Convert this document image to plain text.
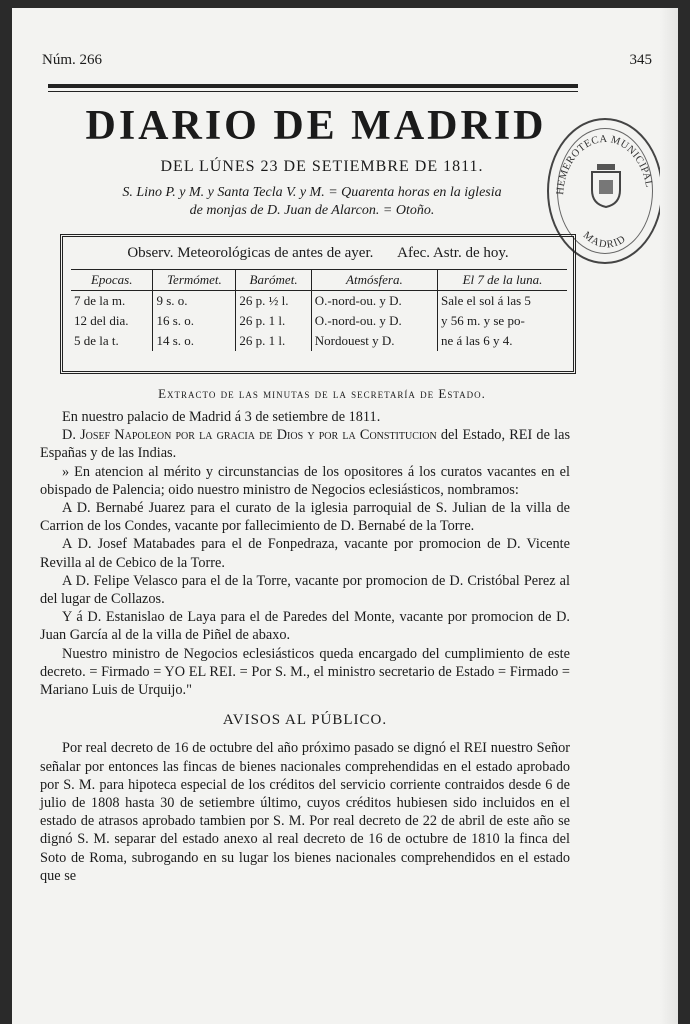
Núm. 266	345
DIARIO DE MADRID
DEL LÚNES 23 DE SETIEMBRE DE 1811.
S. Lino P. y M. y Santa Tecla V. y M. = Quarenta horas en la iglesia
de monjas de D. Juan de Alarcon. = Otoño.
HEMEROTECA MUNICIPAL
MADRID
Observ. Meteorológicas de antes de ayer. Afec. Astr. de hoy.
Epocas.	Termómet.	Barómet.	Atmósfera.	El 7 de la luna.
7 de la m.	9 s. o.	26 p. ½ l.	O.-nord-ou. y D.	Sale el sol á las 5
12 del dia.	16 s. o.	26 p. 1 l.	O.-nord-ou. y D.	y 56 m. y se po-
5 de la t.	14 s. o.	26 p. 1 l.	Nordouest y D.	ne á las 6 y 4.
Extracto de las minutas de la secretaría de Estado.

En nuestro palacio de Madrid á 3 de setiembre de 1811.

D. Josef Napoleon por la gracia de Dios y por la Constitucion del Estado, REI de las Españas y de las Indias.

» En atencion al mérito y circunstancias de los opositores á los curatos vacantes en el obispado de Palencia; oido nuestro ministro de Negocios eclesiásticos, nombramos:

A D. Bernabé Juarez para el curato de la iglesia parroquial de S. Julian de la villa de Carrion de los Condes, vacante por fallecimiento de D. Bernabé de la Torre.

A D. Josef Matabades para el de Fonpedraza, vacante por promocion de D. Vicente Revilla al de Cebico de la Torre.

A D. Felipe Velasco para el de la Torre, vacante por promocion de D. Cristóbal Perez al del lugar de Collazos.

Y á D. Estanislao de Laya para el de Paredes del Monte, vacante por promocion de D. Juan García al de la villa de Piñel de abaxo.

Nuestro ministro de Negocios eclesiásticos queda encargado del cumplimiento de este decreto. = Firmado = YO EL REI. = Por S. M., el ministro secretario de Estado = Firmado = Mariano Luis de Urquijo."

AVISOS AL PÚBLICO.

Por real decreto de 16 de octubre del año próximo pasado se dignó el REI nuestro Señor señalar por entonces las fincas de bienes nacionales comprehendidas en el estado aprobado por S. M. para hipoteca especial de los créditos del servicio corriente contraidos desde 6 de julio de 1808 hasta 30 de setiembre último, cuyos créditos hubiesen sido incluidos en el estado de atrasos aprobado tambien por S. M. Por real decreto de 22 de abril de este año se dignó S. M. separar del estado anexo al real decreto de 16 de octubre de 1810 la finca del Soto de Roma, subrogando en su lugar los bienes nacionales comprehendidos en el estado que se
